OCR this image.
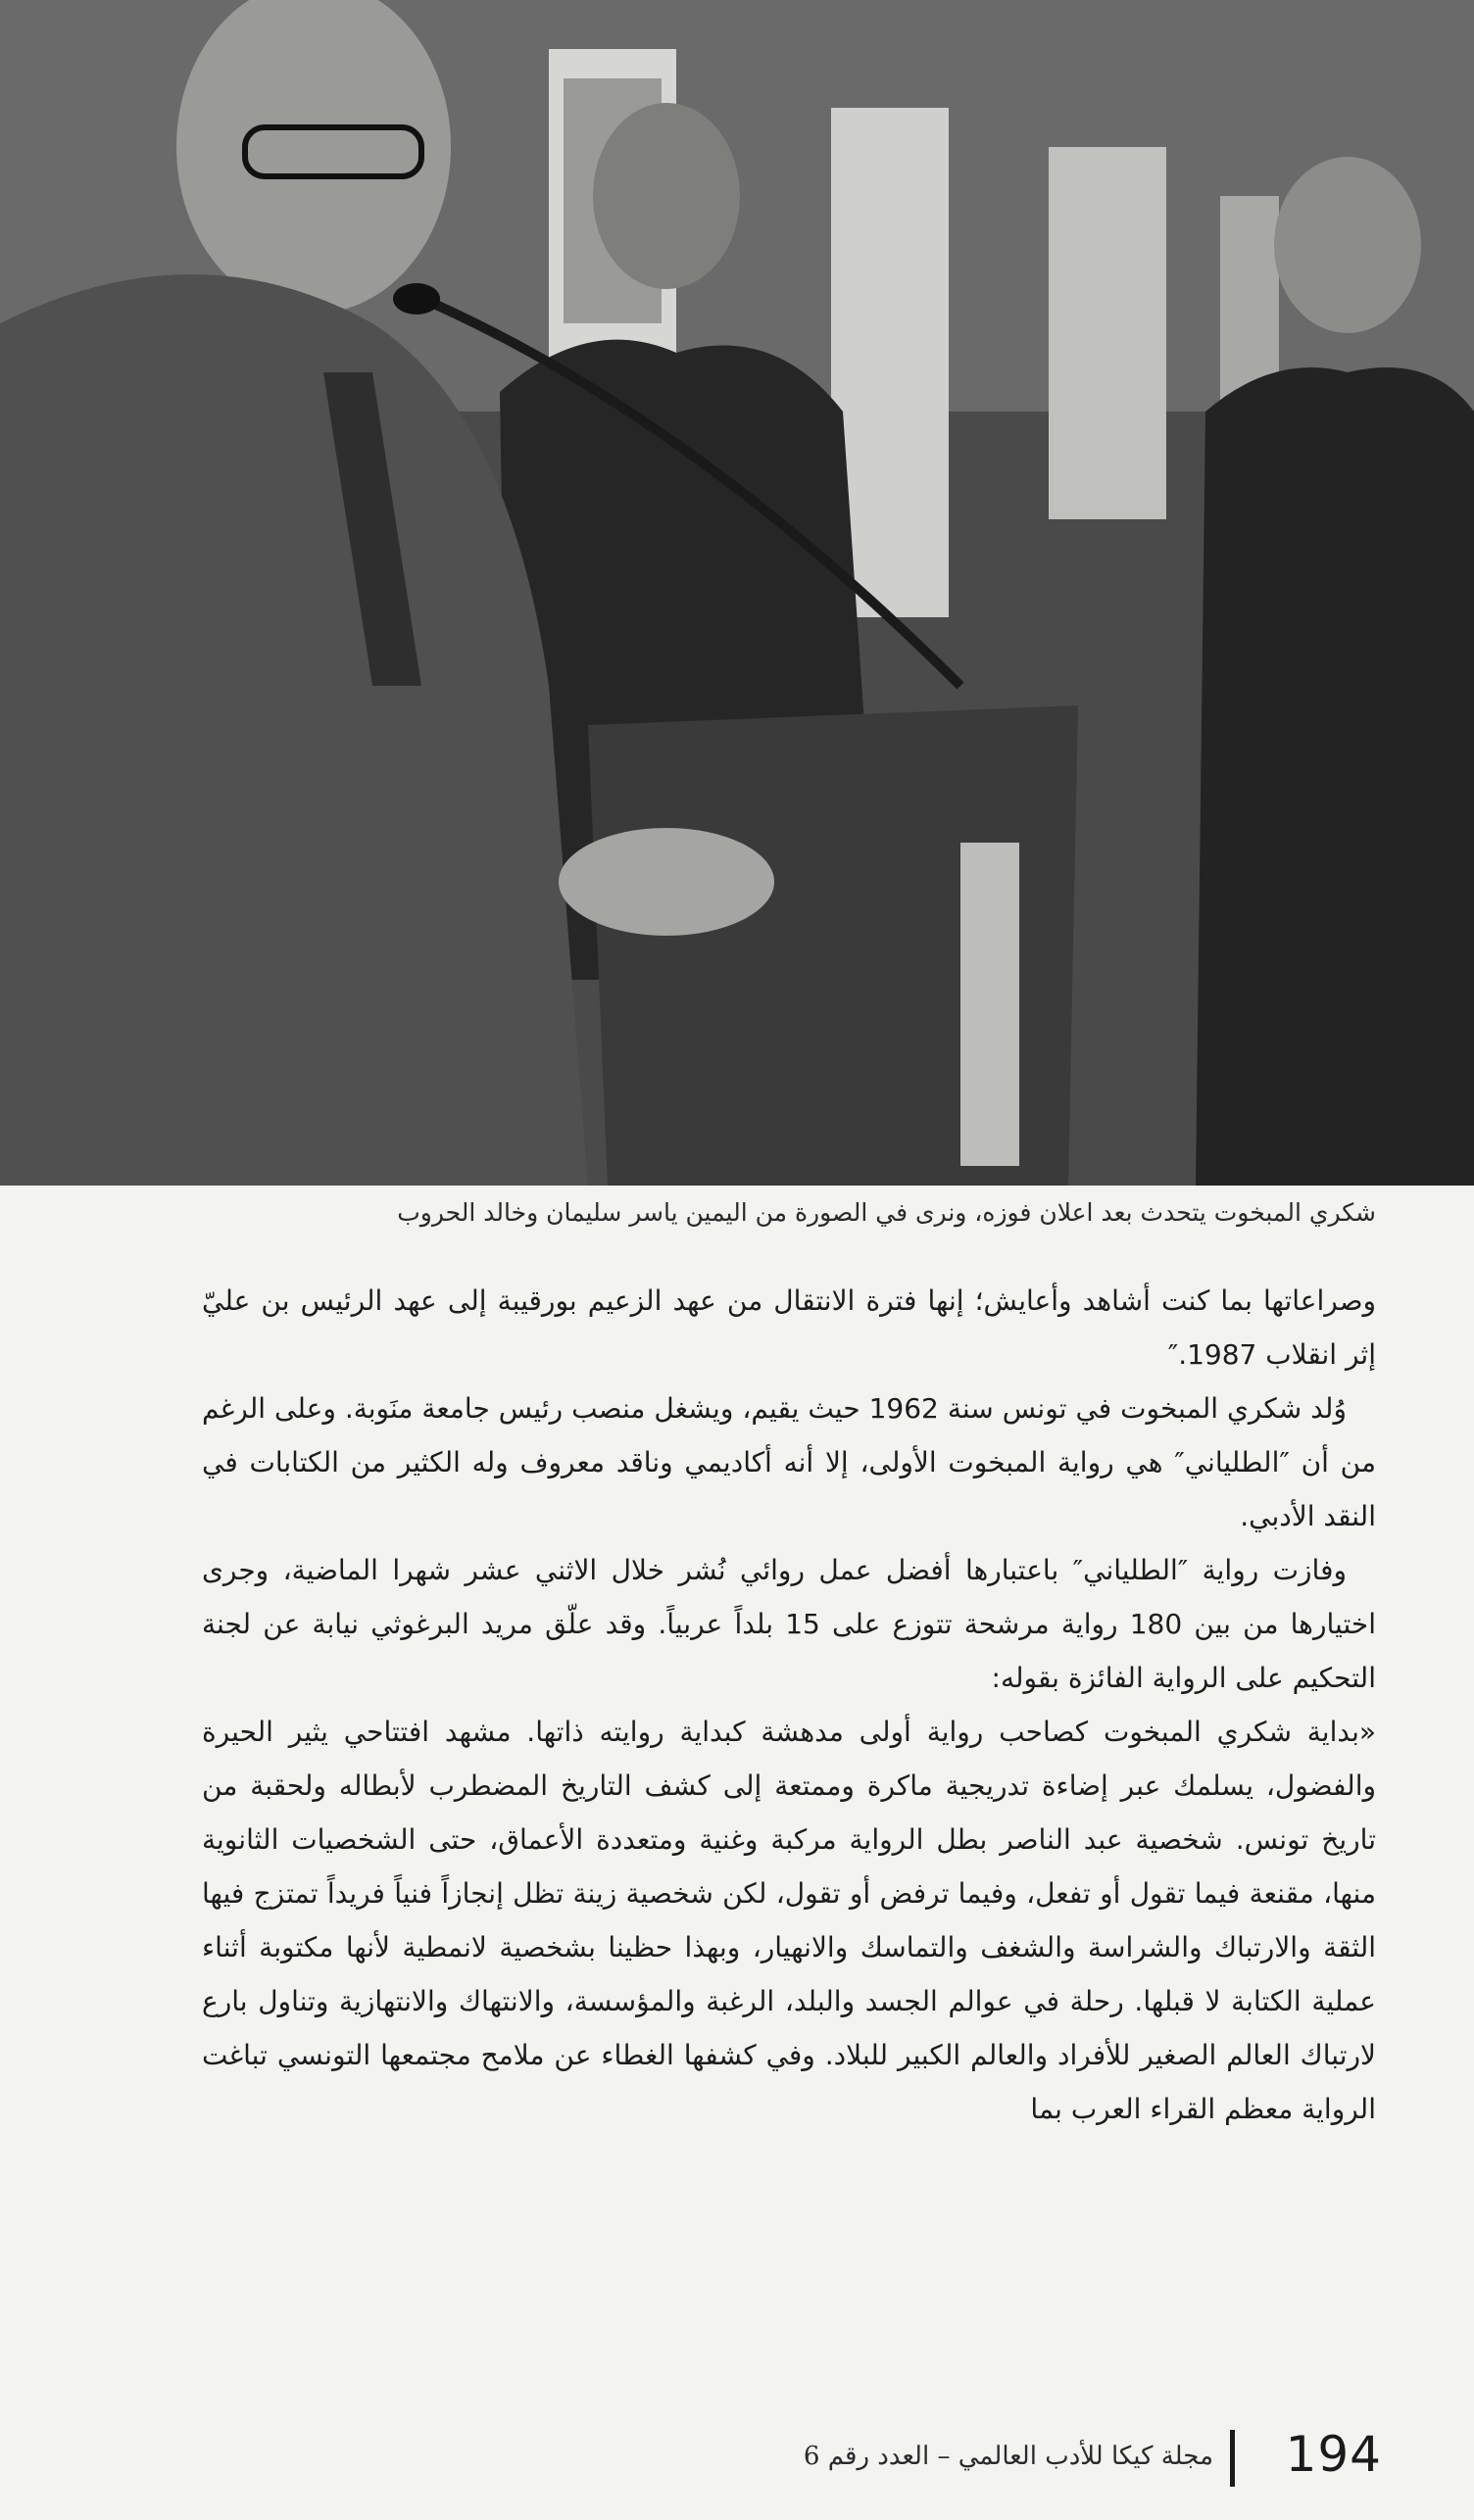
شكري المبخوت يتحدث بعد اعلان فوزه، ونرى في الصورة من اليمين ياسر سليمان وخالد الحروب

وصراعاتها بما كنت أشاهد وأعايش؛ إنها فترة الانتقال من عهد الزعيم بورقيبة إلى عهد الرئيس بن عليّ إثر انقلاب 1987.″

وُلد شكري المبخوت في تونس سنة 1962 حيث يقيم، ويشغل منصب رئيس جامعة منَوبة. وعلى الرغم من أن ″الطلياني″ هي رواية المبخوت الأولى، إلا أنه أكاديمي وناقد معروف وله الكثير من الكتابات في النقد الأدبي.

وفازت رواية ″الطلياني″ باعتبارها أفضل عمل روائي نُشر خلال الاثني عشر شهرا الماضية، وجرى اختيارها من بين 180 رواية مرشحة تتوزع على 15 بلداً عربياً. وقد علّق مريد البرغوثي نيابة عن لجنة التحكيم على الرواية الفائزة بقوله:

«بداية شكري المبخوت كصاحب رواية أولى مدهشة كبداية روايته ذاتها. مشهد افتتاحي يثير الحيرة والفضول، يسلمك عبر إضاءة تدريجية ماكرة وممتعة إلى كشف التاريخ المضطرب لأبطاله ولحقبة من تاريخ تونس. شخصية عبد الناصر بطل الرواية مركبة وغنية ومتعددة الأعماق، حتى الشخصيات الثانوية منها، مقنعة فيما تقول أو تفعل، وفيما ترفض أو تقول، لكن شخصية زينة تظل إنجازاً فنياً فريداً تمتزج فيها الثقة والارتباك والشراسة والشغف والتماسك والانهيار، وبهذا حظينا بشخصية لانمطية لأنها مكتوبة أثناء عملية الكتابة لا قبلها. رحلة في عوالم الجسد والبلد، الرغبة والمؤسسة، والانتهاك والانتهازية وتناول بارع لارتباك العالم الصغير للأفراد والعالم الكبير للبلاد. وفي كشفها الغطاء عن ملامح مجتمعها التونسي تباغت الرواية معظم القراء العرب بما

مجلة كيكا للأدب العالمي – العدد رقم 6 194
